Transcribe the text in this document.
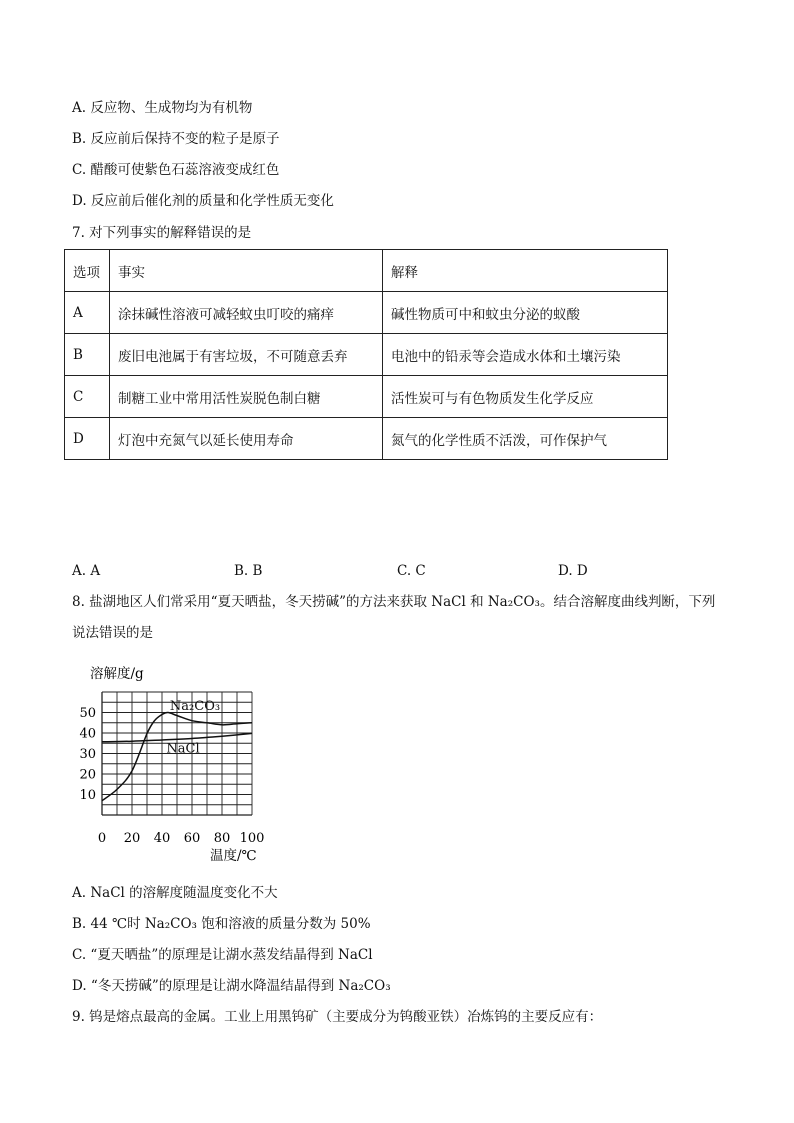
A. 反应物、生成物均为有机物
B. 反应前后保持不变的粒子是原子
C. 醋酸可使紫色石蕊溶液变成红色
D. 反应前后催化剂的质量和化学性质无变化
7. 对下列事实的解释错误的是
选项	事实	解释
A	涂抹碱性溶液可减轻蚊虫叮咬的痛痒	碱性物质可中和蚊虫分泌的蚁酸
B	废旧电池属于有害垃圾，不可随意丢弃	电池中的铅汞等会造成水体和土壤污染
C	制糖工业中常用活性炭脱色制白糖	活性炭可与有色物质发生化学反应
D	灯泡中充氮气以延长使用寿命	氮气的化学性质不活泼，可作保护气
A. A	B. B	C. C	D. D
8. 盐湖地区人们常采用“夏天晒盐，冬天捞碱”的方法来获取 NaCl 和 Na₂CO₃。结合溶解度曲线判断，下列
说法错误的是
溶解度/g
10
20
30
40
50
0 20 40 60 80 100
Na₂CO₃
NaCl
温度/℃
A. NaCl 的溶解度随温度变化不大
B. 44 ℃时 Na₂CO₃ 饱和溶液的质量分数为 50%
C. “夏天晒盐”的原理是让湖水蒸发结晶得到 NaCl
D. “冬天捞碱”的原理是让湖水降温结晶得到 Na₂CO₃
9. 钨是熔点最高的金属。工业上用黑钨矿（主要成分为钨酸亚铁）冶炼钨的主要反应有：
